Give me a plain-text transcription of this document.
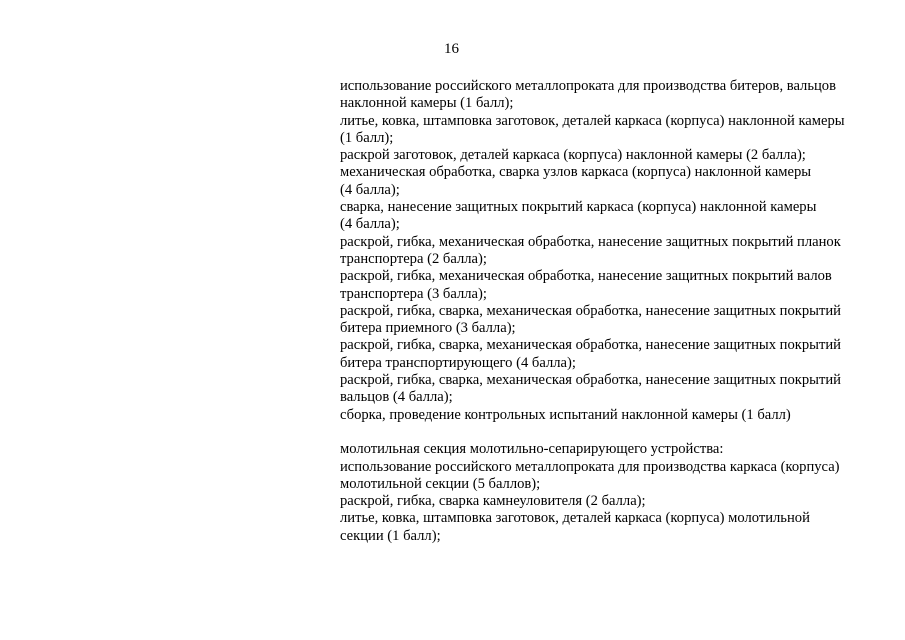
16
использование российского металлопроката для производства битеров, вальцов
наклонной камеры (1 балл);
литье, ковка, штамповка заготовок, деталей каркаса (корпуса) наклонной камеры
(1 балл);
раскрой заготовок, деталей каркаса (корпуса) наклонной камеры (2 балла);
механическая обработка, сварка узлов каркаса (корпуса) наклонной камеры
(4 балла);
сварка, нанесение защитных покрытий каркаса (корпуса) наклонной камеры
(4 балла);
раскрой, гибка, механическая обработка, нанесение защитных покрытий планок
транспортера (2 балла);
раскрой, гибка, механическая обработка, нанесение защитных покрытий валов
транспортера (3 балла);
раскрой, гибка, сварка, механическая обработка, нанесение защитных покрытий
битера приемного (3 балла);
раскрой, гибка, сварка, механическая обработка, нанесение защитных покрытий
битера транспортирующего (4 балла);
раскрой, гибка, сварка, механическая обработка, нанесение защитных покрытий
вальцов (4 балла);
сборка, проведение контрольных испытаний наклонной камеры (1 балл)
молотильная секция молотильно-сепарирующего устройства:
использование российского металлопроката для производства каркаса (корпуса)
молотильной секции (5 баллов);
раскрой, гибка, сварка камнеуловителя (2 балла);
литье, ковка, штамповка заготовок, деталей каркаса (корпуса) молотильной
секции (1 балл);
